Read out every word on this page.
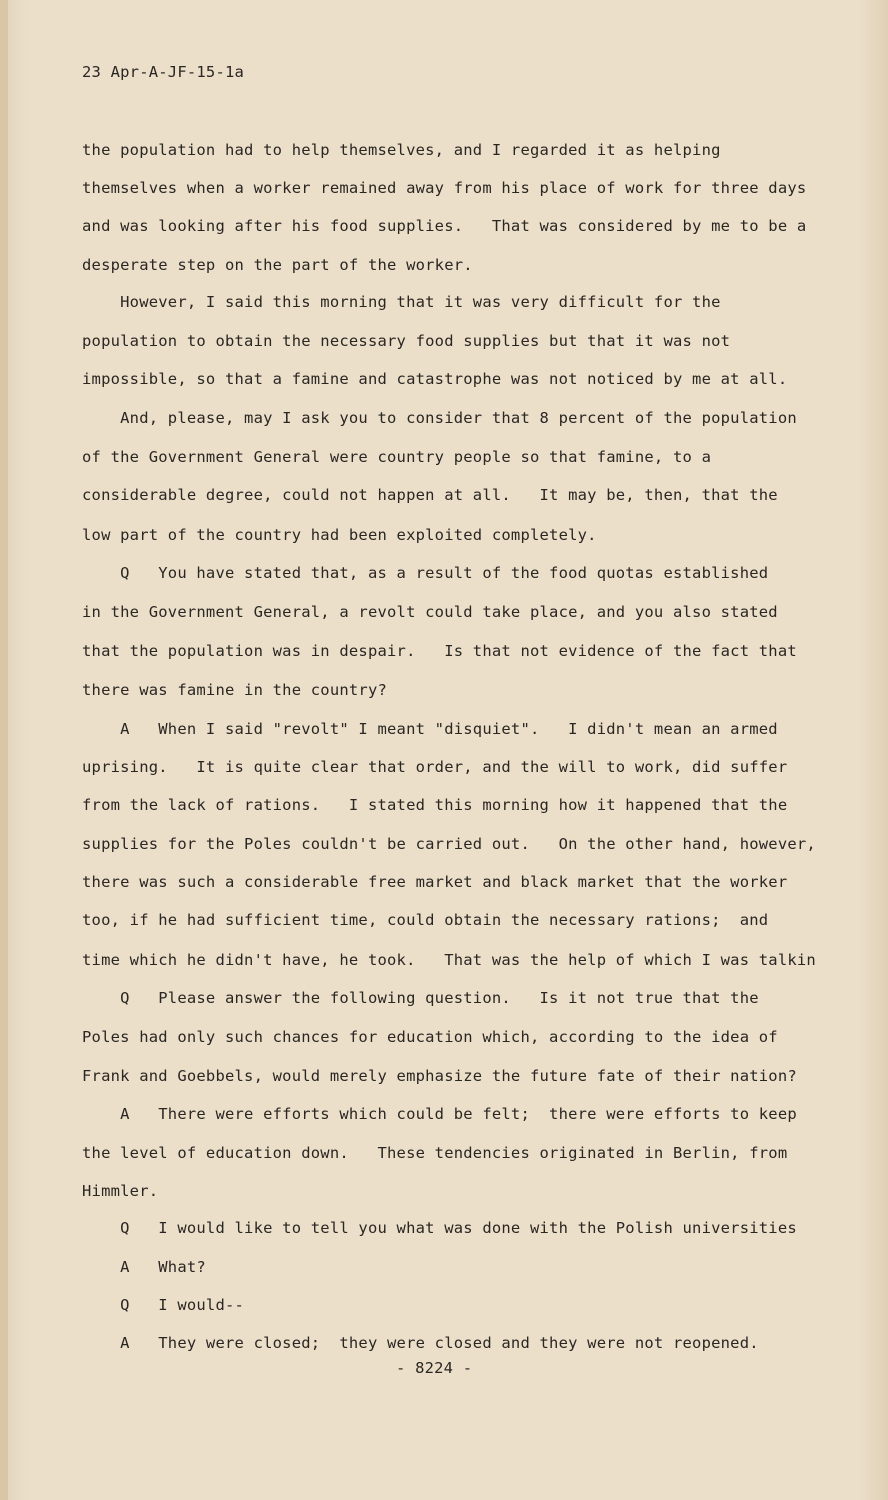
23 Apr-A-JF-15-1a
the population had to help themselves, and I regarded it as helping
themselves when a worker remained away from his place of work for three days
and was looking after his food supplies.   That was considered by me to be a
desperate step on the part of the worker.
However, I said this morning that it was very difficult for the
population to obtain the necessary food supplies but that it was not
impossible, so that a famine and catastrophe was not noticed by me at all.
And, please, may I ask you to consider that 8 percent of the population
of the Government General were country people so that famine, to a
considerable degree, could not happen at all.   It may be, then, that the
low part of the country had been exploited completely.
Q   You have stated that, as a result of the food quotas established
in the Government General, a revolt could take place, and you also stated
that the population was in despair.   Is that not evidence of the fact that
there was famine in the country?
A   When I said "revolt" I meant "disquiet".   I didn't mean an armed
uprising.   It is quite clear that order, and the will to work, did suffer
from the lack of rations.   I stated this morning how it happened that the
supplies for the Poles couldn't be carried out.   On the other hand, however,
there was such a considerable free market and black market that the worker
too, if he had sufficient time, could obtain the necessary rations;  and
time which he didn't have, he took.   That was the help of which I was talkin
Q   Please answer the following question.   Is it not true that the
Poles had only such chances for education which, according to the idea of
Frank and Goebbels, would merely emphasize the future fate of their nation?
A   There were efforts which could be felt;  there were efforts to keep
the level of education down.   These tendencies originated in Berlin, from
Himmler.
Q   I would like to tell you what was done with the Polish universities
A   What?
Q   I would--
A   They were closed;  they were closed and they were not reopened.
- 8224 -
